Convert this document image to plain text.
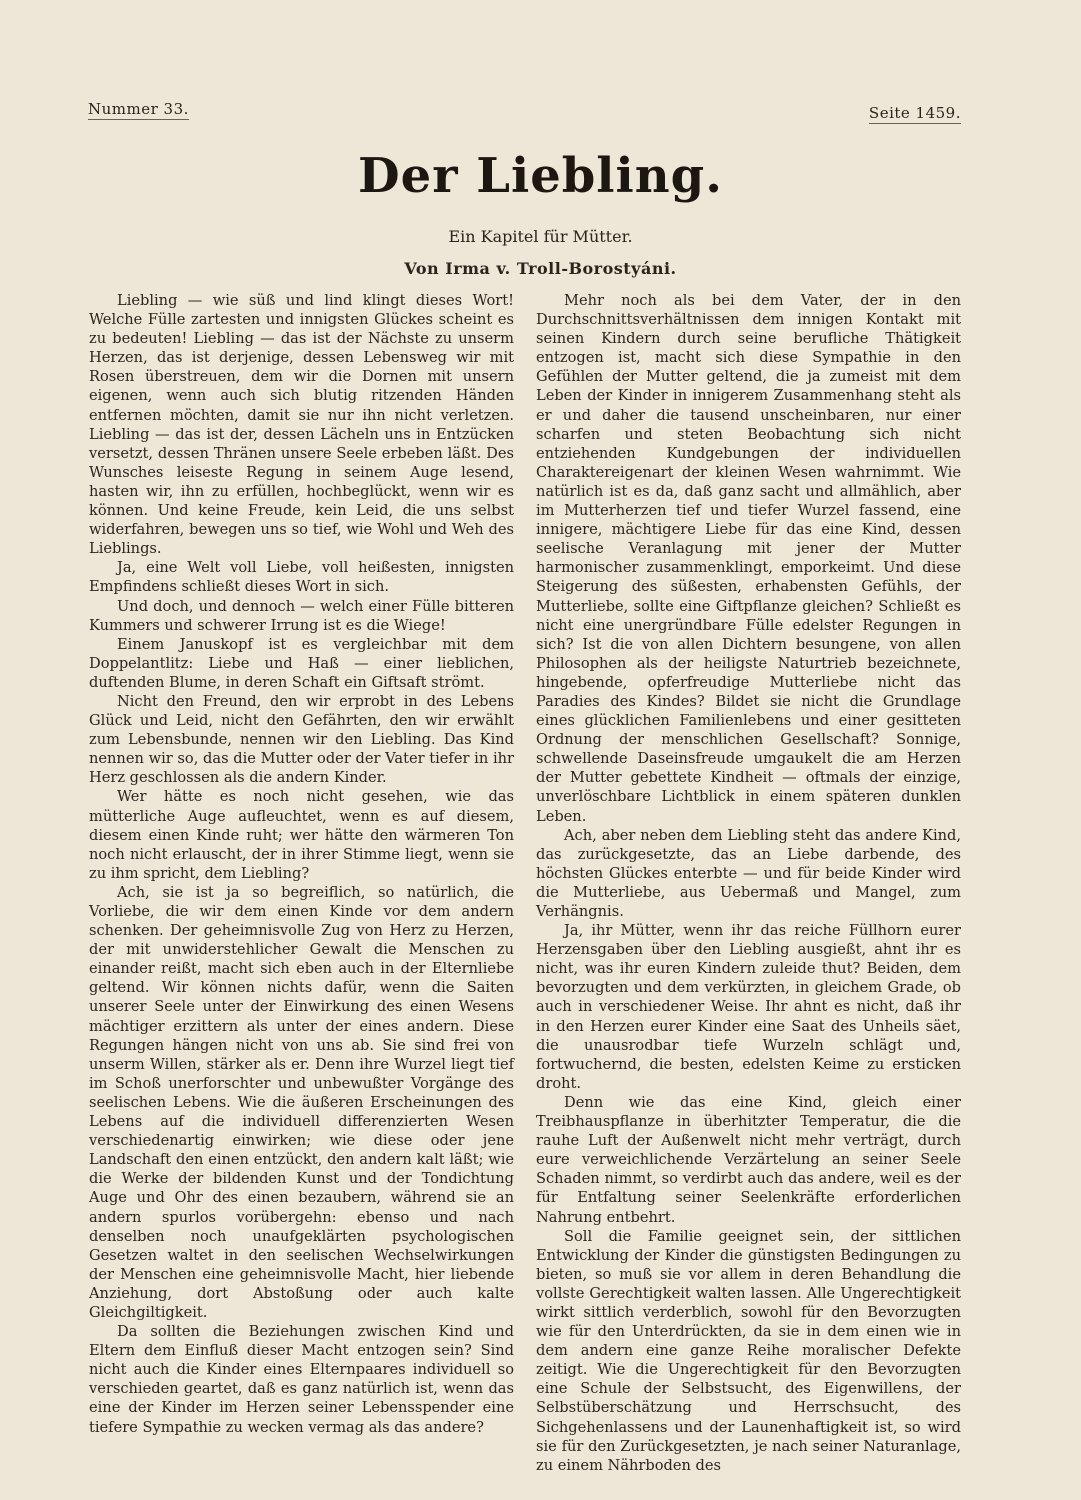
Nummer 33.	Seite 1459.
Der Liebling.
Ein Kapitel für Mütter.
Von Irma v. Troll-Borostyáni.

Liebling — wie süß und lind klingt dieses Wort! Welche Fülle zartesten und innigsten Glückes scheint es zu bedeuten! Liebling — das ist der Nächste zu unserm Herzen, das ist derjenige, dessen Lebensweg wir mit Rosen überstreuen, dem wir die Dornen mit unsern eigenen, wenn auch sich blutig ritzenden Händen entfernen möchten, damit sie nur ihn nicht verletzen. Liebling — das ist der, dessen Lächeln uns in Entzücken versetzt, dessen Thränen unsere Seele erbeben läßt. Des Wunsches leiseste Regung in seinem Auge lesend, hasten wir, ihn zu erfüllen, hochbeglückt, wenn wir es können. Und keine Freude, kein Leid, die uns selbst widerfahren, bewegen uns so tief, wie Wohl und Weh des Lieblings.

Ja, eine Welt voll Liebe, voll heißesten, innigsten Empfindens schließt dieses Wort in sich.

Und doch, und dennoch — welch einer Fülle bitteren Kummers und schwerer Irrung ist es die Wiege!

Einem Januskopf ist es vergleichbar mit dem Doppelantlitz: Liebe und Haß — einer lieblichen, duftenden Blume, in deren Schaft ein Giftsaft strömt.

Nicht den Freund, den wir erprobt in des Lebens Glück und Leid, nicht den Gefährten, den wir erwählt zum Lebensbunde, nennen wir den Liebling. Das Kind nennen wir so, das die Mutter oder der Vater tiefer in ihr Herz geschlossen als die andern Kinder.

Wer hätte es noch nicht gesehen, wie das mütterliche Auge aufleuchtet, wenn es auf diesem, diesem einen Kinde ruht; wer hätte den wärmeren Ton noch nicht erlauscht, der in ihrer Stimme liegt, wenn sie zu ihm spricht, dem Liebling?

Ach, sie ist ja so begreiflich, so natürlich, die Vorliebe, die wir dem einen Kinde vor dem andern schenken. Der geheimnisvolle Zug von Herz zu Herzen, der mit unwiderstehlicher Gewalt die Menschen zu einander reißt, macht sich eben auch in der Elternliebe geltend. Wir können nichts dafür, wenn die Saiten unserer Seele unter der Einwirkung des einen Wesens mächtiger erzittern als unter der eines andern. Diese Regungen hängen nicht von uns ab. Sie sind frei von unserm Willen, stärker als er. Denn ihre Wurzel liegt tief im Schoß unerforschter und unbewußter Vorgänge des seelischen Lebens. Wie die äußeren Erscheinungen des Lebens auf die individuell differenzierten Wesen verschiedenartig einwirken; wie diese oder jene Landschaft den einen entzückt, den andern kalt läßt; wie die Werke der bildenden Kunst und der Tondichtung Auge und Ohr des einen bezaubern, während sie an andern spurlos vorübergehn: ebenso und nach denselben noch unaufgeklärten psychologischen Gesetzen waltet in den seelischen Wechselwirkungen der Menschen eine geheimnisvolle Macht, hier liebende Anziehung, dort Abstoßung oder auch kalte Gleichgiltigkeit.

Da sollten die Beziehungen zwischen Kind und Eltern dem Einfluß dieser Macht entzogen sein? Sind nicht auch die Kinder eines Elternpaares individuell so verschieden geartet, daß es ganz natürlich ist, wenn das eine der Kinder im Herzen seiner Lebensspender eine tiefere Sympathie zu wecken vermag als das andere?

Mehr noch als bei dem Vater, der in den Durchschnittsverhältnissen dem innigen Kontakt mit seinen Kindern durch seine berufliche Thätigkeit entzogen ist, macht sich diese Sympathie in den Gefühlen der Mutter geltend, die ja zumeist mit dem Leben der Kinder in innigerem Zusammenhang steht als er und daher die tausend unscheinbaren, nur einer scharfen und steten Beobachtung sich nicht entziehenden Kundgebungen der individuellen Charaktereigenart der kleinen Wesen wahrnimmt. Wie natürlich ist es da, daß ganz sacht und allmählich, aber im Mutterherzen tief und tiefer Wurzel fassend, eine innigere, mächtigere Liebe für das eine Kind, dessen seelische Veranlagung mit jener der Mutter harmonischer zusammenklingt, emporkeimt. Und diese Steigerung des süßesten, erhabensten Gefühls, der Mutterliebe, sollte eine Giftpflanze gleichen? Schließt es nicht eine unergründbare Fülle edelster Regungen in sich? Ist die von allen Dichtern besungene, von allen Philosophen als der heiligste Naturtrieb bezeichnete, hingebende, opferfreudige Mutterliebe nicht das Paradies des Kindes? Bildet sie nicht die Grundlage eines glücklichen Familienlebens und einer gesitteten Ordnung der menschlichen Gesellschaft? Sonnige, schwellende Daseinsfreude umgaukelt die am Herzen der Mutter gebettete Kindheit — oftmals der einzige, unverlöschbare Lichtblick in einem späteren dunklen Leben.

Ach, aber neben dem Liebling steht das andere Kind, das zurückgesetzte, das an Liebe darbende, des höchsten Glückes enterbte — und für beide Kinder wird die Mutterliebe, aus Uebermaß und Mangel, zum Verhängnis.

Ja, ihr Mütter, wenn ihr das reiche Füllhorn eurer Herzensgaben über den Liebling ausgießt, ahnt ihr es nicht, was ihr euren Kindern zuleide thut? Beiden, dem bevorzugten und dem verkürzten, in gleichem Grade, ob auch in verschiedener Weise. Ihr ahnt es nicht, daß ihr in den Herzen eurer Kinder eine Saat des Unheils säet, die unausrodbar tiefe Wurzeln schlägt und, fortwuchernd, die besten, edelsten Keime zu ersticken droht.

Denn wie das eine Kind, gleich einer Treibhauspflanze in überhitzter Temperatur, die die rauhe Luft der Außenwelt nicht mehr verträgt, durch eure verweichlichende Verzärtelung an seiner Seele Schaden nimmt, so verdirbt auch das andere, weil es der für Entfaltung seiner Seelenkräfte erforderlichen Nahrung entbehrt.

Soll die Familie geeignet sein, der sittlichen Entwicklung der Kinder die günstigsten Bedingungen zu bieten, so muß sie vor allem in deren Behandlung die vollste Gerechtigkeit walten lassen. Alle Ungerechtigkeit wirkt sittlich verderblich, sowohl für den Bevorzugten wie für den Unterdrückten, da sie in dem einen wie in dem andern eine ganze Reihe moralischer Defekte zeitigt. Wie die Ungerechtigkeit für den Bevorzugten eine Schule der Selbstsucht, des Eigenwillens, der Selbstüberschätzung und Herrschsucht, des Sichgehenlassens und der Launenhaftigkeit ist, so wird sie für den Zurückgesetzten, je nach seiner Naturanlage, zu einem Nährboden des
